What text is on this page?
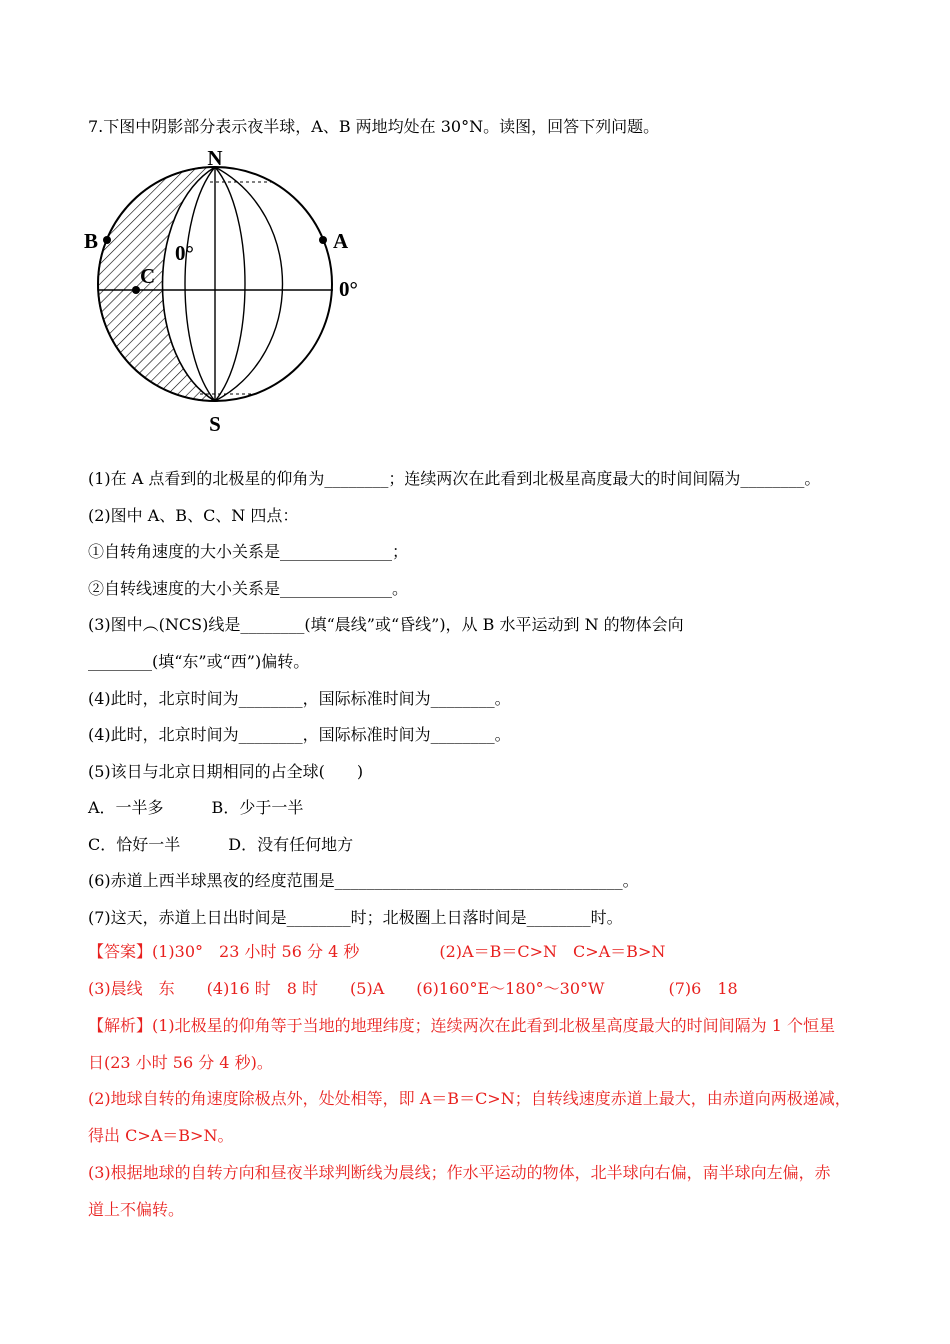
7.下图中阴影部分表示夜半球，A、B 两地均处在 30°N。读图，回答下列问题。
N
S
A
B
C
0°
0°
(1)在 A 点看到的北极星的仰角为________；连续两次在此看到北极星高度最大的时间间隔为________。
(2)图中 A、B、C、N 四点：
①自转角速度的大小关系是______________；
②自转线速度的大小关系是______________。
(3)图中︵(NCS)线是________(填“晨线”或“昏线”)，从 B 水平运动到 N 的物体会向
________(填“东”或“西”)偏转。
(4)此时，北京时间为________，国际标准时间为________。
(4)此时，北京时间为________，国际标准时间为________。
(5)该日与北京日期相同的占全球(　　)
A．一半多　　　B．少于一半
C．恰好一半　　　D．没有任何地方
(6)赤道上西半球黑夜的经度范围是____________________________________。
(7)这天，赤道上日出时间是________时；北极圈上日落时间是________时。
【答案】(1)30°　23 小时 56 分 4 秒　　　　　(2)A＝B＝C>N　C>A＝B>N
(3)晨线　东　　(4)16 时　8 时　　(5)A　　(6)160°E～180°～30°W　　　　(7)6　18
【解析】(1)北极星的仰角等于当地的地理纬度；连续两次在此看到北极星高度最大的时间间隔为 1 个恒星
日(23 小时 56 分 4 秒)。
(2)地球自转的角速度除极点外，处处相等，即 A＝B＝C>N；自转线速度赤道上最大，由赤道向两极递减，
得出 C>A＝B>N。
(3)根据地球的自转方向和昼夜半球判断线为晨线；作水平运动的物体，北半球向右偏，南半球向左偏，赤
道上不偏转。
